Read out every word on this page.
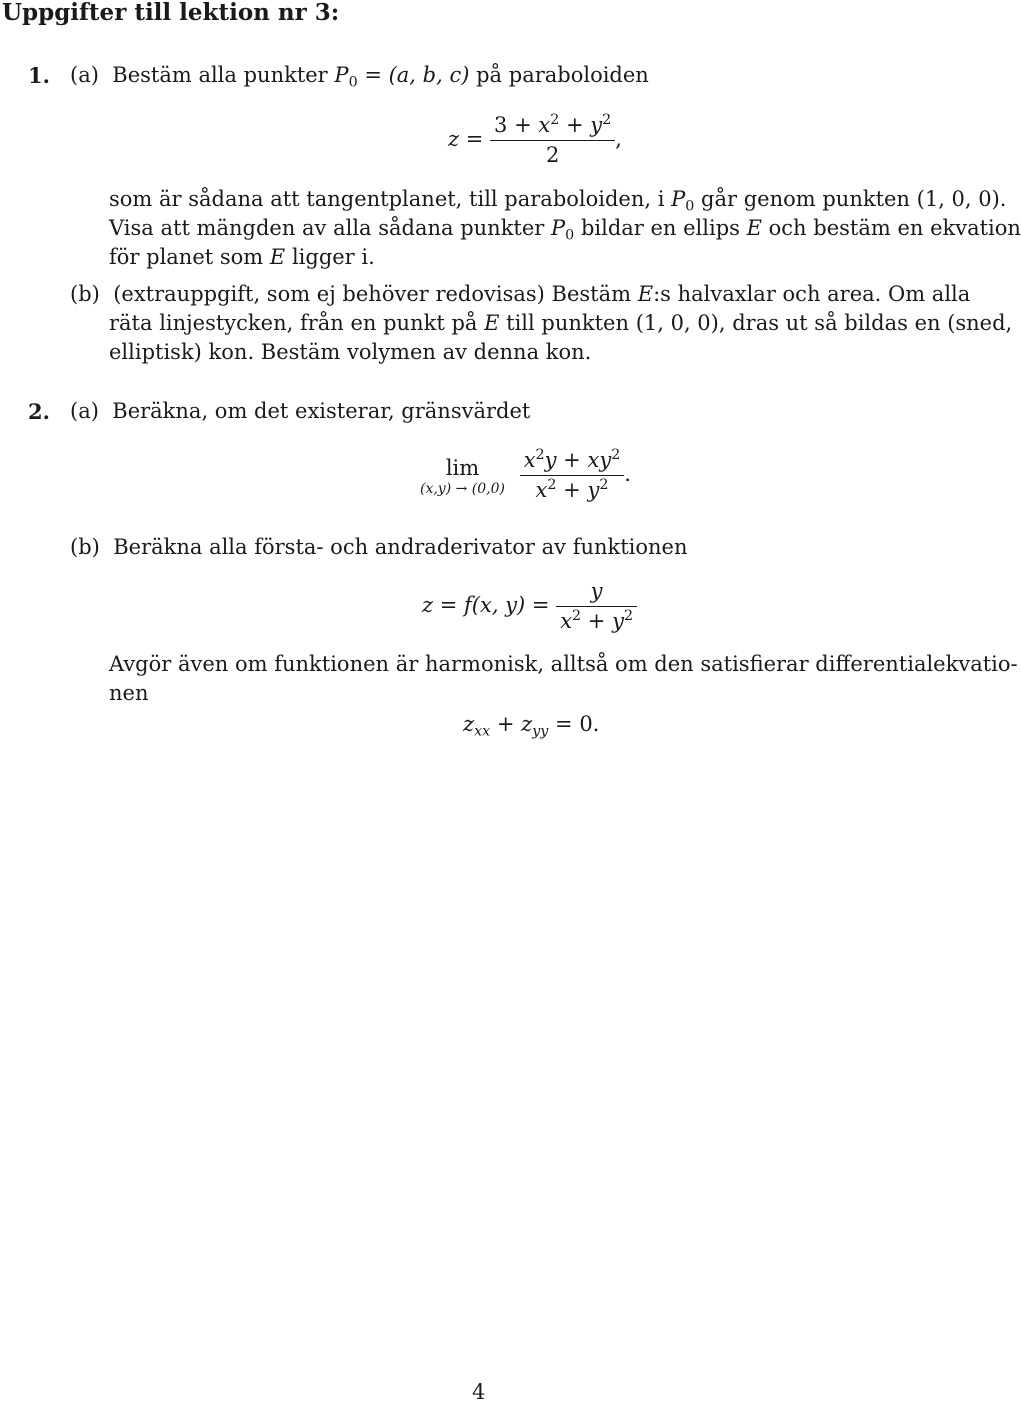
Uppgifter till lektion nr 3:
1. (a) Bestäm alla punkter $P_0 = (a$, b, c) på paraboloiden
$z = \frac{3 + x^2 + y^2}{2}$ ,
som är sådana att tangentplanet, till paraboloiden, i $P_0$ går genom punkten (1, 0, 0).
Visa att mängden av alla sådana punkter $P_0$ bildar en ellips E och bestäm en ekvation
för planet som E ligger i.
(b) (extrauppgift, som ej behöver redovisas) Bestäm E:s halvaxlar och area. Om alla
räta linjestycken, från en punkt på E till punkten (1, 0, 0), dras ut så bildas en (sned,
elliptisk) kon. Bestäm volymen av denna kon.
2. (a) Beräkna, om det existerar, gränsvärdet
lim
(x,y) → (0,0)
$\frac{x^2y + xy^2}{x^2 + y^2}$ .
(b) Beräkna alla första- och andraderivator av funktionen
z = f(x, $y) = \frac{y}{x^2 + y^2}$
Avgör även om funktionen är harmonisk, alltså om den satisfierar differentialekvatio-
nen
$z_{xx} + z_{yy} = 0$.
4
